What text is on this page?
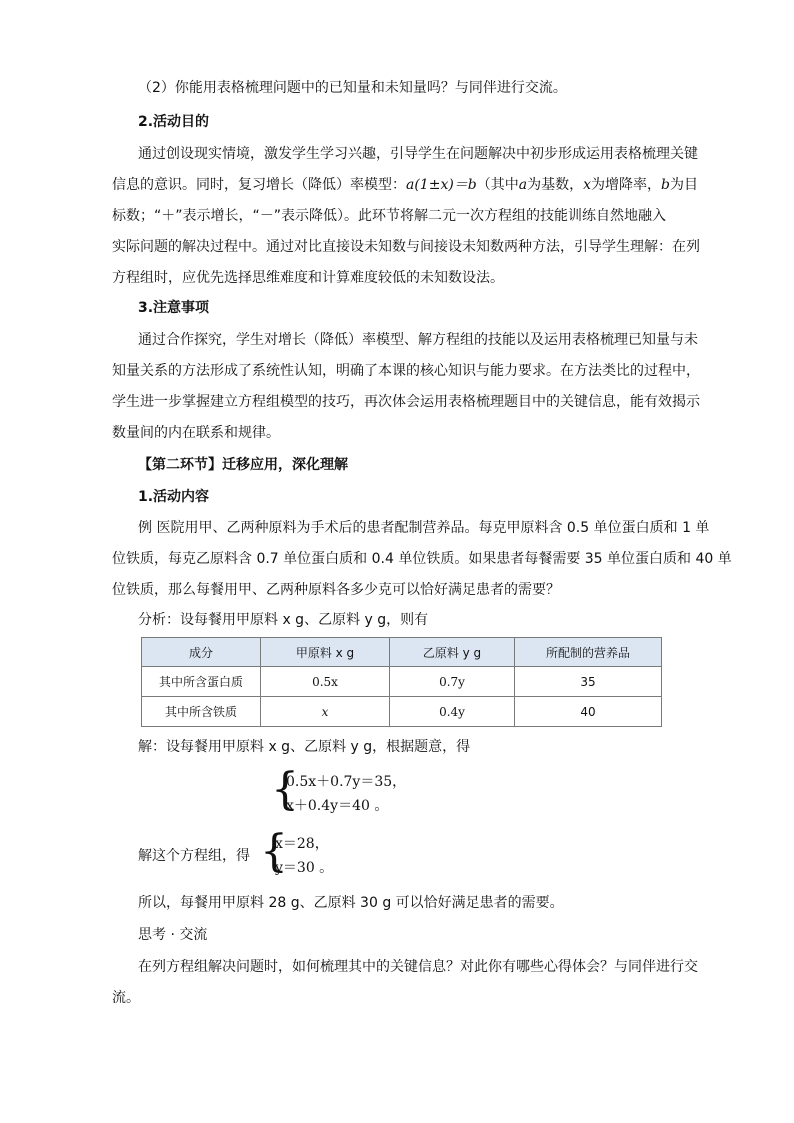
（2）你能用表格梳理问题中的已知量和未知量吗？与同伴进行交流。
2.活动目的
通过创设现实情境，激发学生学习兴趣，引导学生在问题解决中初步形成运用表格梳理关键
信息的意识。同时，复习增长（降低）率模型：a(1±x)＝b（其中a为基数，x为增降率，b为目
标数；“＋”表示增长，“－”表示降低）。此环节将解二元一次方程组的技能训练自然地融入
实际问题的解决过程中。通过对比直接设未知数与间接设未知数两种方法，引导学生理解：在列
方程组时，应优先选择思维难度和计算难度较低的未知数设法。
3.注意事项
通过合作探究，学生对增长（降低）率模型、解方程组的技能以及运用表格梳理已知量与未
知量关系的方法形成了系统性认知，明确了本课的核心知识与能力要求。在方法类比的过程中，
学生进一步掌握建立方程组模型的技巧，再次体会运用表格梳理题目中的关键信息，能有效揭示
数量间的内在联系和规律。
【第二环节】迁移应用，深化理解
1.活动内容
例 医院用甲、乙两种原料为手术后的患者配制营养品。每克甲原料含 0.5 单位蛋白质和 1 单
位铁质，每克乙原料含 0.7 单位蛋白质和 0.4 单位铁质。如果患者每餐需要 35 单位蛋白质和 40 单
位铁质，那么每餐用甲、乙两种原料各多少克可以恰好满足患者的需要？
分析：设每餐用甲原料 x g、乙原料 y g，则有
成分	甲原料 x g	乙原料 y g	所配制的营养品
其中所含蛋白质	0.5x	0.7y	35
其中所含铁质	x	0.4y	40
解：设每餐用甲原料 x g、乙原料 y g，根据题意，得
{
0.5x＋0.7y＝35，
x＋0.4y＝40 。
解这个方程组，得 {
x＝28，
y＝30 。
所以，每餐用甲原料 28 g、乙原料 30 g 可以恰好满足患者的需要。
思考 · 交流
在列方程组解决问题时，如何梳理其中的关键信息？对此你有哪些心得体会？与同伴进行交
流。
